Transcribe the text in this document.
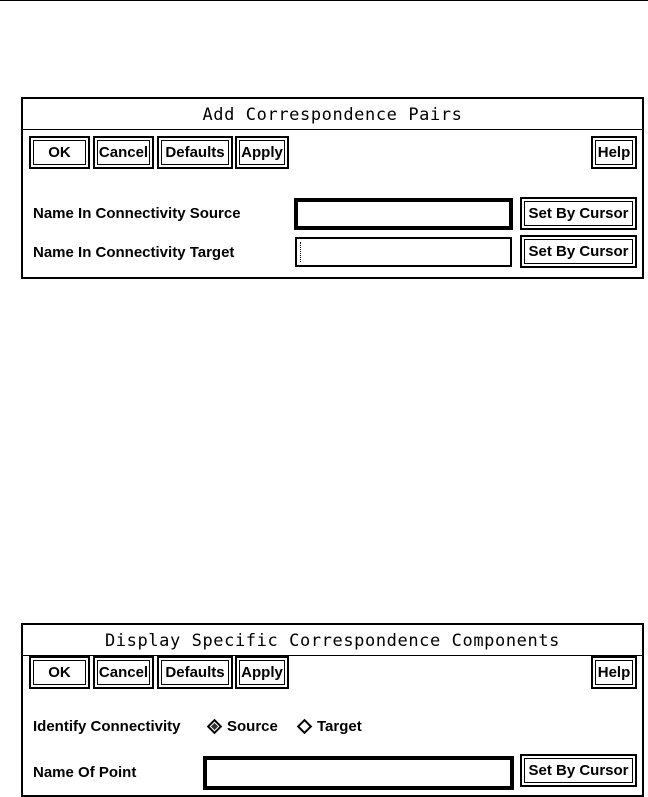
Add Correspondence Pairs
OK	Cancel	Defaults	Apply	Help
Name In Connectivity Source	Set By Cursor
Name In Connectivity Target	Set By Cursor
Display Specific Correspondence Components
OK	Cancel	Defaults	Apply	Help
Identify Connectivity	Source	Target
Name Of Point	Set By Cursor
